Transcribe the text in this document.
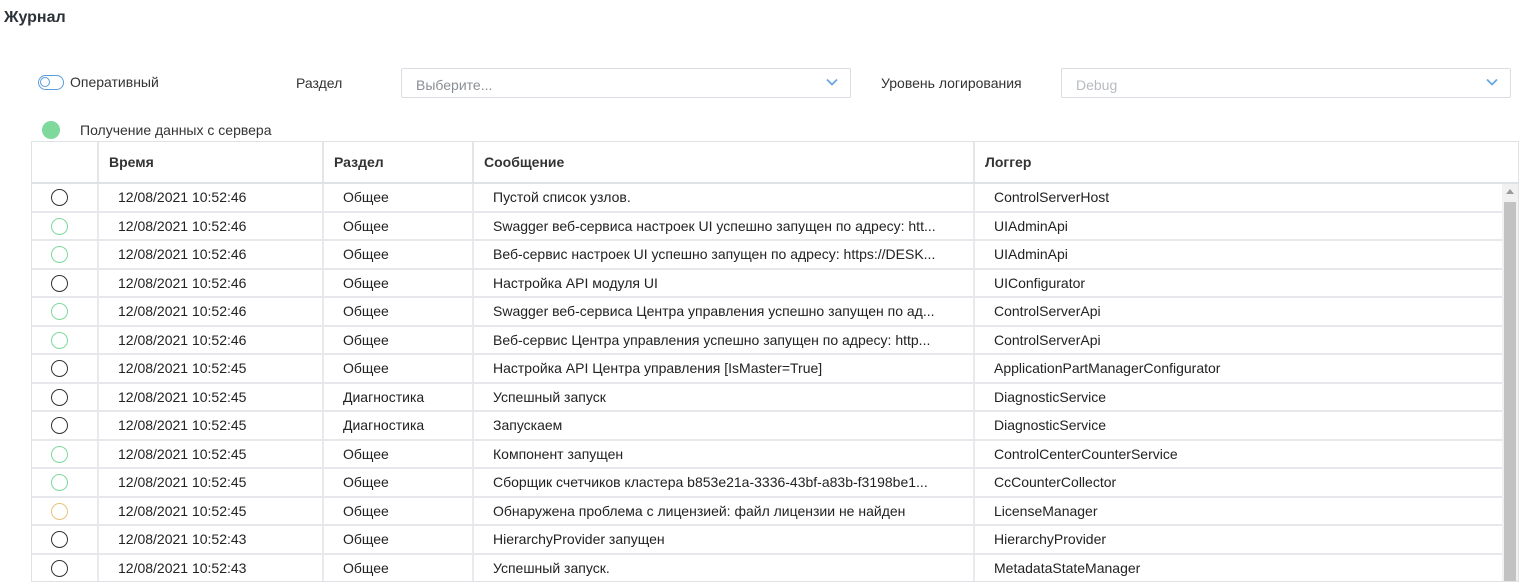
Журнал
Оперативный	Раздел	Выберите...	Уровень логирования	Debug
Получение данных с сервера
Время	Раздел	Сообщение	Логгер
12/08/2021 10:52:46	Общее	Пустой список узлов.	ControlServerHost
12/08/2021 10:52:46	Общее	Swagger веб-сервиса настроек UI успешно запущен по адресу: htt...	UIAdminApi
12/08/2021 10:52:46	Общее	Веб-сервис настроек UI успешно запущен по адресу: https://DESK...	UIAdminApi
12/08/2021 10:52:46	Общее	Настройка API модуля UI	UIConfigurator
12/08/2021 10:52:46	Общее	Swagger веб-сервиса Центра управления успешно запущен по ад...	ControlServerApi
12/08/2021 10:52:46	Общее	Веб-сервис Центра управления успешно запущен по адресу: http...	ControlServerApi
12/08/2021 10:52:45	Общее	Настройка API Центра управления [IsMaster=True]	ApplicationPartManagerConfigurator
12/08/2021 10:52:45	Диагностика	Успешный запуск	DiagnosticService
12/08/2021 10:52:45	Диагностика	Запускаем	DiagnosticService
12/08/2021 10:52:45	Общее	Компонент запущен	ControlCenterCounterService
12/08/2021 10:52:45	Общее	Сборщик счетчиков кластера b853e21a-3336-43bf-a83b-f3198be1...	CcCounterCollector
12/08/2021 10:52:45	Общее	Обнаружена проблема с лицензией: файл лицензии не найден	LicenseManager
12/08/2021 10:52:43	Общее	HierarchyProvider запущен	HierarchyProvider
12/08/2021 10:52:43	Общее	Успешный запуск.	MetadataStateManager
